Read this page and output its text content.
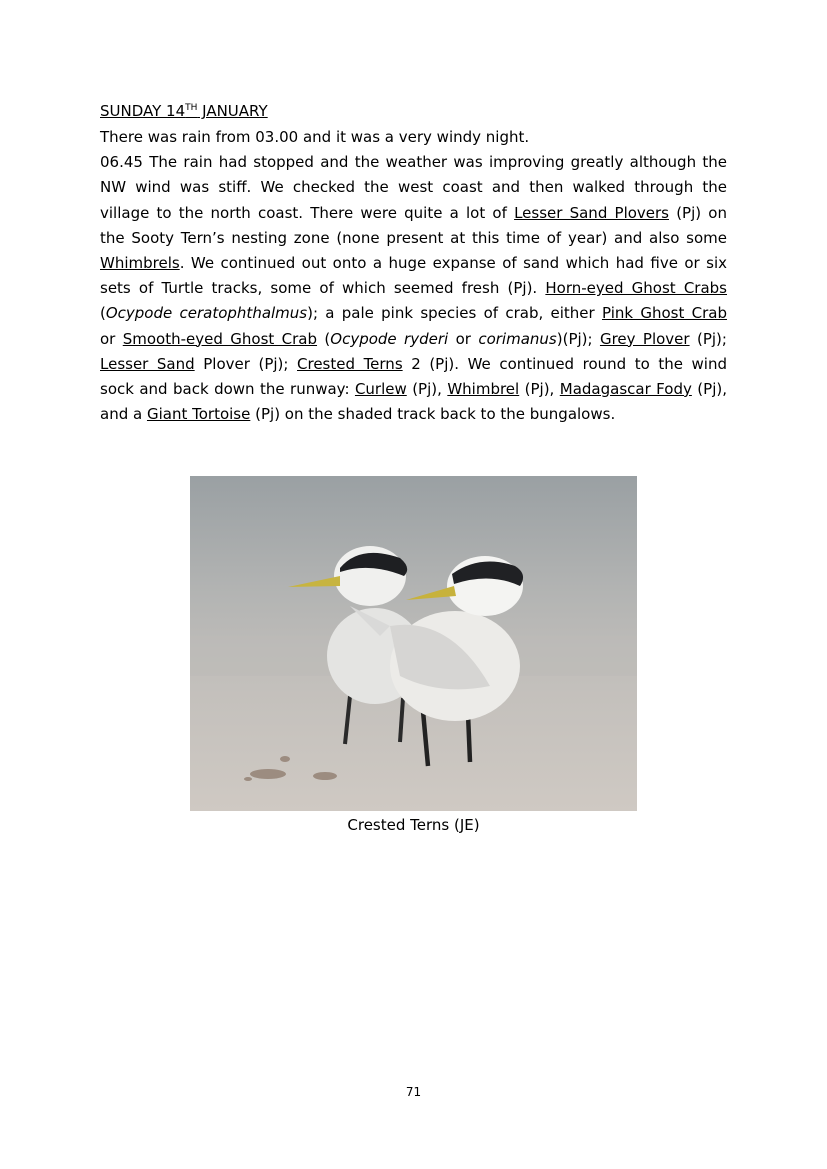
SUNDAY 14TH JANUARY
There was rain from 03.00 and it was a very windy night.
06.45 The rain had stopped and the weather was improving greatly although the
NW wind was stiff. We checked the west coast and then walked through the
village to the north coast. There were quite a lot of Lesser Sand Plovers (Pj) on
the Sooty Tern’s nesting zone (none present at this time of year) and also some
Whimbrels. We continued out onto a huge expanse of sand which had five or six
sets of Turtle tracks, some of which seemed fresh (Pj). Horn-eyed Ghost Crabs
(Ocypode ceratophthalmus); a pale pink species of crab, either Pink Ghost Crab
or Smooth-eyed Ghost Crab (Ocypode ryderi or corimanus)(Pj); Grey Plover (Pj);
Lesser Sand Plover (Pj); Crested Terns 2 (Pj). We continued round to the wind
sock and back down the runway: Curlew (Pj), Whimbrel (Pj), Madagascar Fody (Pj),
and a Giant Tortoise (Pj) on the shaded track back to the bungalows.
Crested Terns (JE)
71
